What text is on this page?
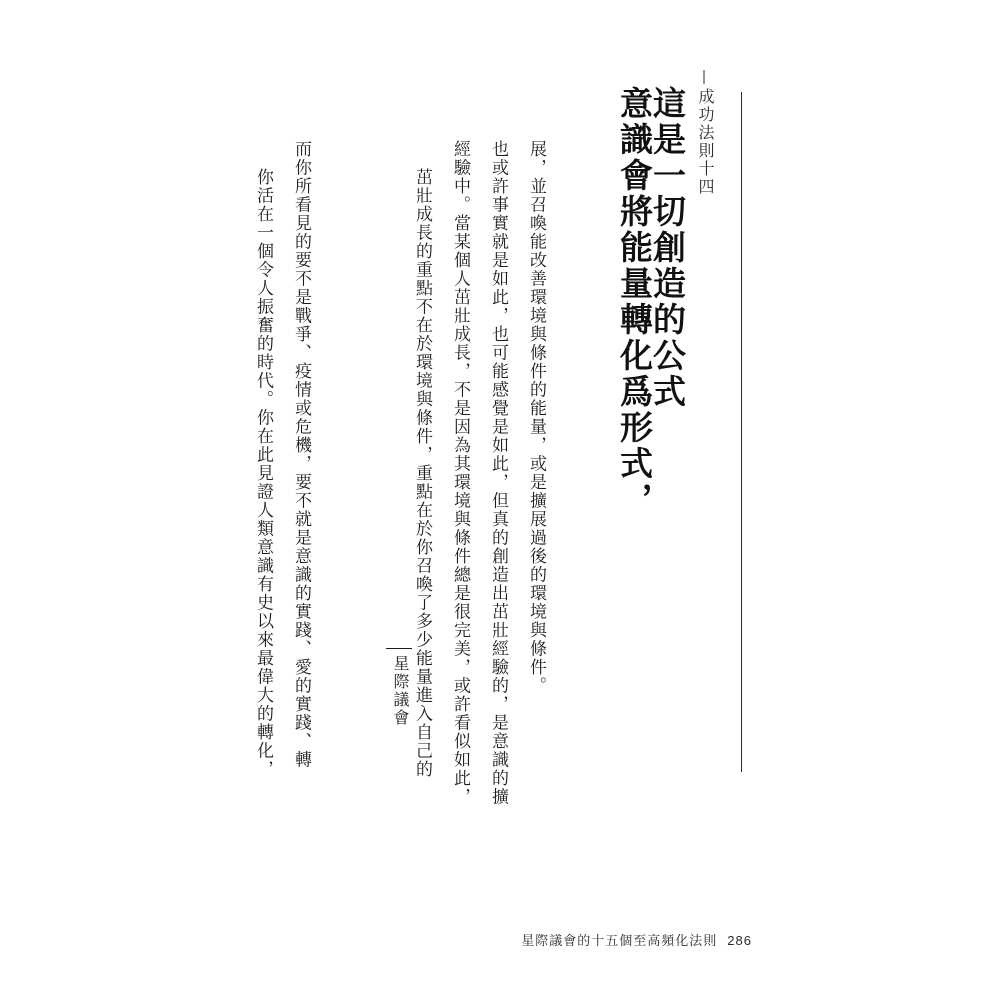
成功法則十四
意識會將能量轉化爲形式，
這是一切創造的公式
茁壯成長的重點不在於環境與條件，重點在於你召喚了多少能量進入自己的 經驗中。當某個人茁壯成長，不是因為其環境與條件總是很完美，或許看似如此， 也或許事實就是如此，也可能感覺是如此，但真的創造出茁壯經驗的，是意識的擴 展，並召喚能改善環境與條件的能量，或是擴展過後的環境與條件。
星際議會
你活在一個令人振奮的時代。你在此見證人類意識有史以來最偉大的轉化， 而你所看見的要不是戰爭、疫情或危機，要不就是意識的實踐、愛的實踐、轉
星際議會的十五個至高頻化法則 286
